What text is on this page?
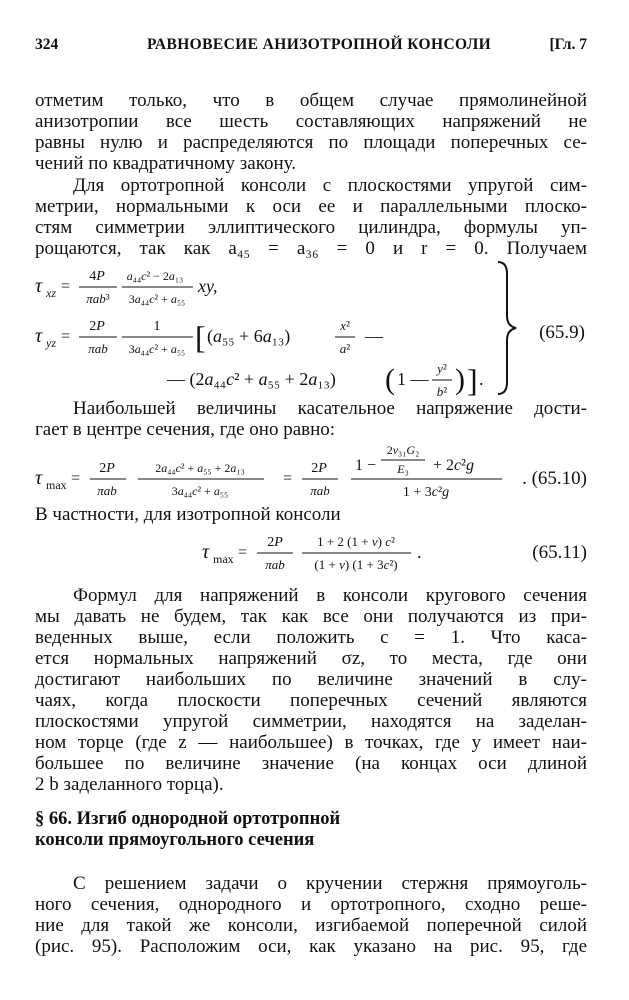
324	РАВНОВЕСИЕ АНИЗОТРОПНОЙ КОНСОЛИ	[Гл. 7
отметим только, что в общем случае прямолинейной
анизотропии все шесть составляющих напряжений не
равны нулю и распределяются по площади поперечных се-
чений по квадратичному закону.
Для ортотропной консоли с плоскостями упругой сим-
метрии, нормальными к оси ее и параллельными плоско-
стям симметрии эллиптического цилиндра, формулы уп-
рощаются, так как a₄₅ = a₃₆ = 0 и r = 0. Получаем
τ xz =
4P
πab³
a₄₄c² − 2a₁₃
3a₄₄c² + a₅₅
xy,
τ yz =
2P
πab
1
3a₄₄c² + a₅₅ [ (a₅₅ + 6a₁₃)
x²
a²
—
— (2a₄₄c² + a₅₅ + 2a₁₃) ( 1 —
y²
b² ) ] .
(65.9)
Наибольшей величины касательное напряжение дости-
гает в центре сечения, где оно равно:
τ max =
2P
πab
2a₄₄c² + a₅₅ + 2a₁₃
3a₄₄c² + a₅₅
=
2P
πab
1 −
2ν₃₁G₂
E₃ + 2c²g
1 + 3c²g
. (65.10)
В частности, для изотропной консоли
τ max =
2P
πab
1 + 2 (1 + ν) c²
(1 + ν) (1 + 3c²)
.	(65.11)
Формул для напряжений в консоли кругового сечения
мы давать не будем, так как все они получаются из при-
веденных выше, если положить c = 1. Что каса-
ется нормальных напряжений σz, то места, где они
достигают наибольших по величине значений в слу-
чаях, когда плоскости поперечных сечений являются
плоскостями упругой симметрии, находятся на заделан-
ном торце (где z — наибольшее) в точках, где y имеет наи-
большее по величине значение (на концах оси длиной
2 b заделанного торца).
§ 66. Изгиб однородной ортотропной
консоли прямоугольного сечения
С решением задачи о кручении стержня прямоуголь-
ного сечения, однородного и ортотропного, сходно реше-
ние для такой же консоли, изгибаемой поперечной силой
(рис. 95). Расположим оси, как указано на рис. 95, где
